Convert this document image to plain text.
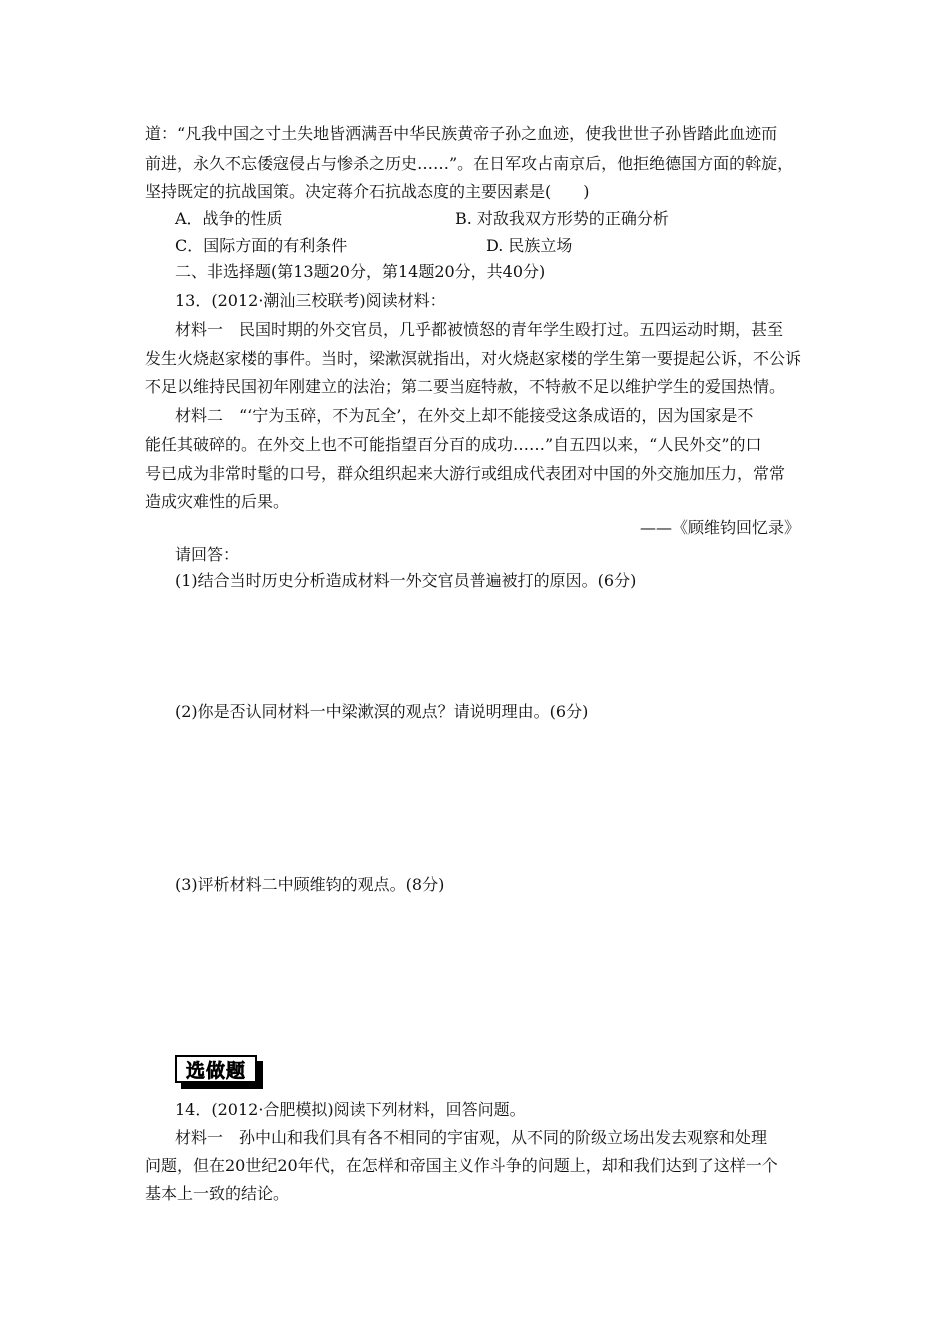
道：“凡我中国之寸土失地皆洒满吾中华民族黄帝子孙之血迹，使我世世子孙皆踏此血迹而
前进，永久不忘倭寇侵占与惨杀之历史……”。在日军攻占南京后，他拒绝德国方面的斡旋，
坚持既定的抗战国策。决定蒋介石抗战态度的主要因素是(　　)
A．战争的性质	B. 对敌我双方形势的正确分析
C．国际方面的有利条件	D. 民族立场
二、非选择题(第13题20分，第14题20分，共40分)
13．(2012·潮汕三校联考)阅读材料：
材料一　民国时期的外交官员，几乎都被愤怒的青年学生殴打过。五四运动时期，甚至
发生火烧赵家楼的事件。当时，梁漱溟就指出，对火烧赵家楼的学生第一要提起公诉，不公诉
不足以维持民国初年刚建立的法治；第二要当庭特赦，不特赦不足以维护学生的爱国热情。
材料二　“‘宁为玉碎，不为瓦全’，在外交上却不能接受这条成语的，因为国家是不
能任其破碎的。在外交上也不可能指望百分百的成功……”自五四以来，“人民外交”的口
号已成为非常时髦的口号，群众组织起来大游行或组成代表团对中国的外交施加压力，常常
造成灾难性的后果。
——《顾维钧回忆录》
请回答：
(1)结合当时历史分析造成材料一外交官员普遍被打的原因。(6分)
(2)你是否认同材料一中梁漱溟的观点？请说明理由。(6分)
(3)评析材料二中顾维钧的观点。(8分)
选做题
14．(2012·合肥模拟)阅读下列材料，回答问题。
材料一　孙中山和我们具有各不相同的宇宙观，从不同的阶级立场出发去观察和处理
问题，但在20世纪20年代，在怎样和帝国主义作斗争的问题上，却和我们达到了这样一个
基本上一致的结论。
